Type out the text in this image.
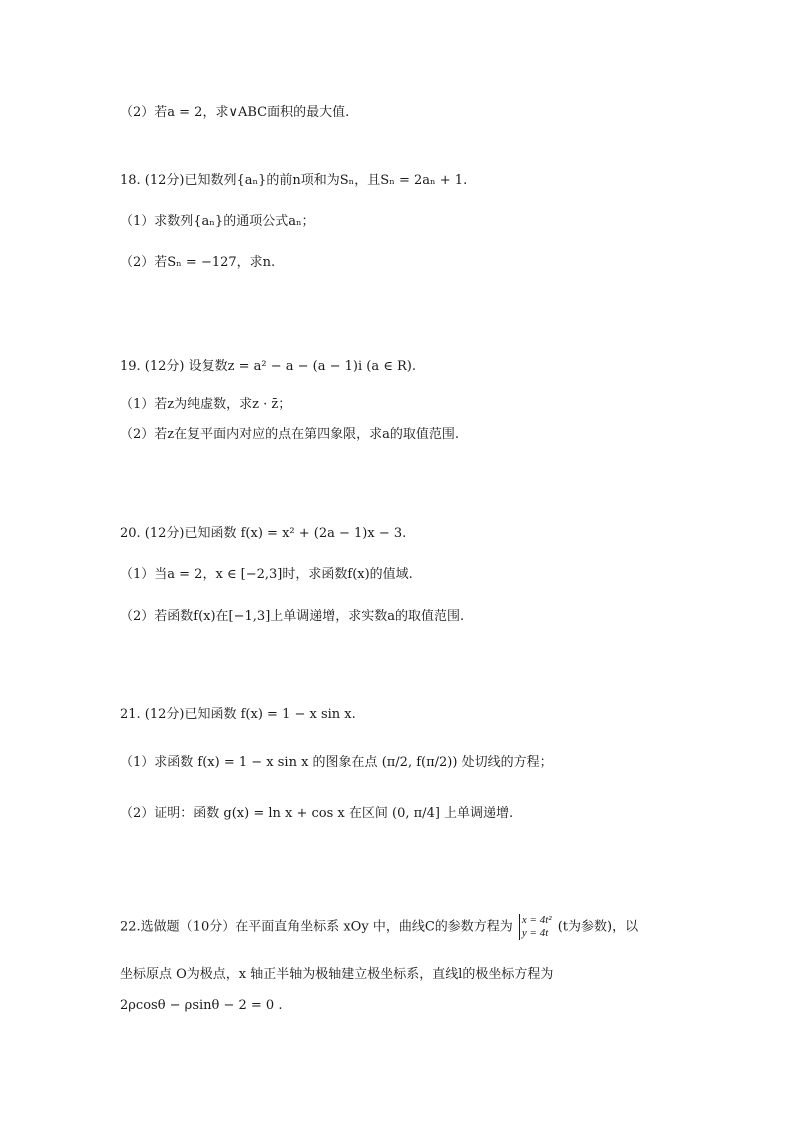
（2）若a = 2，求∨ABC面积的最大值.
18. (12分)已知数列{aₙ}的前n项和为Sₙ，且Sₙ = 2aₙ + 1.
（1）求数列{aₙ}的通项公式aₙ；
（2）若Sₙ = −127，求n.
19. (12分) 设复数z = a² − a − (a − 1)i (a ∈ R).
（1）若z为纯虚数，求z · z̄；
（2）若z在复平面内对应的点在第四象限，求a的取值范围.
20. (12分)已知函数 f(x) = x² + (2a − 1)x − 3.
（1）当a = 2，x ∈ [−2,3]时，求函数f(x)的值域.
（2）若函数f(x)在[−1,3]上单调递增，求实数a的取值范围.
21. (12分)已知函数 f(x) = 1 − x sin x.
（1）求函数 f(x) = 1 − x sin x 的图象在点 (π/2, f(π/2)) 处切线的方程；
（2）证明：函数 g(x) = ln x + cos x 在区间 (0, π/4] 上单调递增.
22.选做题（10分）在平面直角坐标系 xOy 中，曲线C的参数方程为 x = 4t²
y = 4t (t为参数)，以
坐标原点 O为极点，x 轴正半轴为极轴建立极坐标系，直线l的极坐标方程为
2ρcosθ − ρsinθ − 2 = 0 .
